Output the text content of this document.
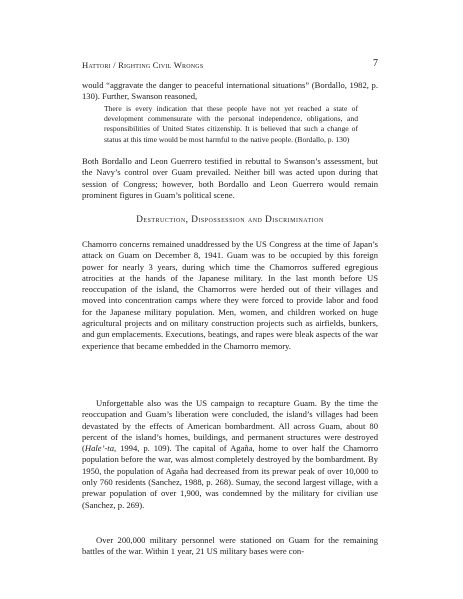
Hattori / Righting Civil Wrongs	7
would “aggravate the danger to peaceful international situations” (Bordallo, 1982, p. 130). Further, Swanson reasoned,
There is every indication that these people have not yet reached a state of development commensurate with the personal independence, obligations, and responsibilities of United States citizenship. It is believed that such a change of status at this time would be most harmful to the native people. (Bordallo, p. 130)
Both Bordallo and Leon Guerrero testified in rebuttal to Swanson’s assessment, but the Navy’s control over Guam prevailed. Neither bill was acted upon during that session of Congress; however, both Bordallo and Leon Guerrero would remain prominent figures in Guam’s political scene.
Destruction, Dispossession and Discrimination
Chamorro concerns remained unaddressed by the US Congress at the time of Japan’s attack on Guam on December 8, 1941. Guam was to be occupied by this foreign power for nearly 3 years, during which time the Chamorros suffered egregious atrocities at the hands of the Japanese military. In the last month before US reoccupation of the island, the Chamorros were herded out of their villages and moved into concentration camps where they were forced to provide labor and food for the Japanese military population. Men, women, and children worked on huge agricultural projects and on military construction projects such as airfields, bunkers, and gun emplacements. Executions, beatings, and rapes were bleak aspects of the war experience that became embedded in the Chamorro memory.
Unforgettable also was the US campaign to recapture Guam. By the time the reoccupation and Guam’s liberation were concluded, the island’s villages had been devastated by the effects of American bombardment. All across Guam, about 80 percent of the island’s homes, buildings, and permanent structures were destroyed (Hale’-ta, 1994, p. 109). The capital of Agaña, home to over half the Chamorro population before the war, was almost completely destroyed by the bombardment. By 1950, the population of Agaña had decreased from its prewar peak of over 10,000 to only 760 residents (Sanchez, 1988, p. 268). Sumay, the second largest village, with a prewar population of over 1,900, was condemned by the military for civilian use (Sanchez, p. 269).
Over 200,000 military personnel were stationed on Guam for the remaining battles of the war. Within 1 year, 21 US military bases were con-
